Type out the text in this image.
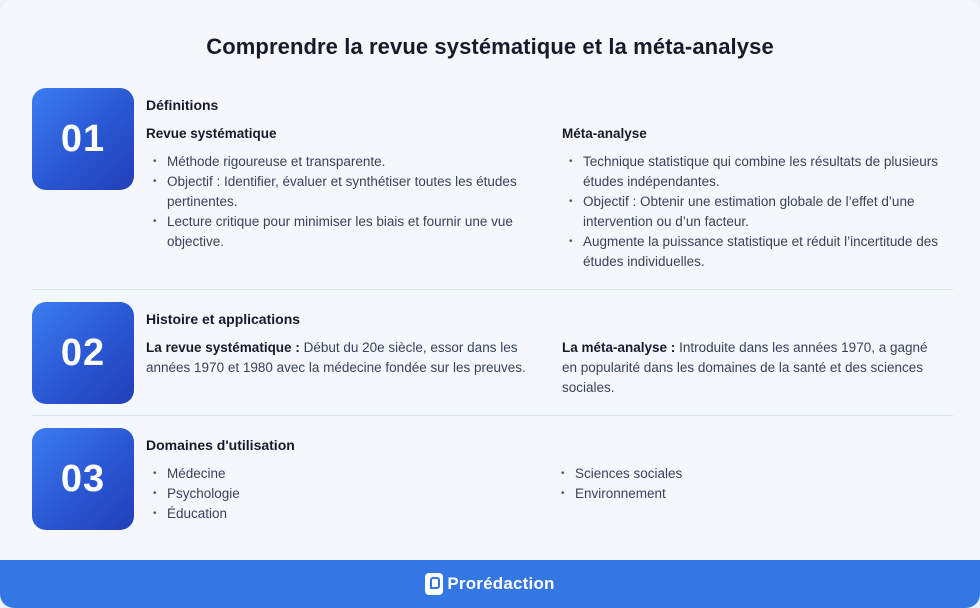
Comprendre la revue systématique et la méta-analyse
01
Définitions
Revue systématique
• Méthode rigoureuse et transparente.
• Objectif : Identifier, évaluer et synthétiser toutes les études pertinentes.
• Lecture critique pour minimiser les biais et fournir une vue objective.
Méta-analyse
• Technique statistique qui combine les résultats de plusieurs études indépendantes.
• Objectif : Obtenir une estimation globale de l’effet d’une intervention ou d’un facteur.
• Augmente la puissance statistique et réduit l’incertitude des études individuelles.
02
Histoire et applications
La revue systématique : Début du 20e siècle, essor dans les années 1970 et 1980 avec la médecine fondée sur les preuves.
La méta-analyse : Introduite dans les années 1970, a gagné en popularité dans les domaines de la santé et des sciences sociales.
03
Domaines d'utilisation
• Médecine
• Psychologie
• Éducation
• Sciences sociales
• Environnement
Prorédaction
